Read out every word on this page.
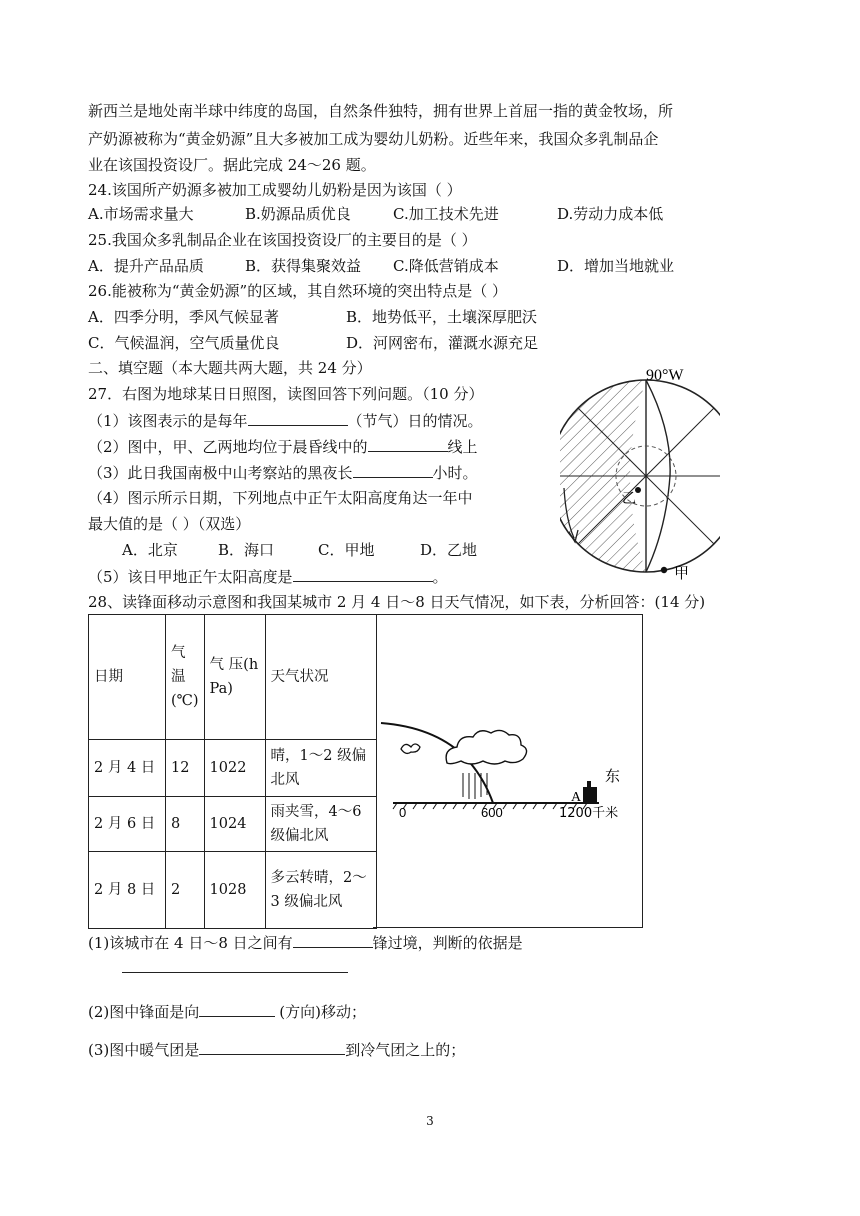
新西兰是地处南半球中纬度的岛国，自然条件独特，拥有世界上首屈一指的黄金牧场，所
产奶源被称为“黄金奶源”且大多被加工成为婴幼儿奶粉。近些年来，我国众多乳制品企
业在该国投资设厂。据此完成 24～26 题。
24.该国所产奶源多被加工成婴幼儿奶粉是因为该国（ ）
A.市场需求量大	B.奶源品质优良	C.加工技术先进	D.劳动力成本低
25.我国众多乳制品企业在该国投资设厂的主要目的是（ ）
A．提升产品品质	B．获得集聚效益 C.降低营销成本	D．增加当地就业
26.能被称为“黄金奶源”的区域，其自然环境的突出特点是（ ）
A．四季分明，季风气候显著	B．地势低平，土壤深厚肥沃
C．气候温润，空气质量优良	D．河网密布，灌溉水源充足
二、填空题（本大题共两大题，共 24 分）
27．右图为地球某日日照图，读图回答下列问题。（10 分）
（1）该图表示的是每年	（节气）日的情况。
（2）图中，甲、乙两地均位于晨昏线中的	线上
（3）此日我国南极中山考察站的黑夜长	小时。
（4）图示所示日期，下列地点中正午太阳高度角达一年中
最大值的是（ ）（双选）
A．北京	B．海口	C．甲地	D．乙地
（5）该日甲地正午太阳高度是	。
90°W
乙
甲
28、读锋面移动示意图和我国某城市 2 月 4 日～8 日天气情况，如下表，分析回答：(14 分)
日期	气温(℃)	气 压(hPa)	天气状况
2 月 4 日	12	1022	晴，1～2 级偏北风
2 月 6 日	8	1024	雨夹雪，4～6 级偏北风
2 月 8 日	2	1028	多云转晴，2～3 级偏北风
A
东
0	600	1200千米
(1)该城市在 4 日～8 日之间有	锋过境，判断的依据是
(2)图中锋面是向	(方向)移动；
(3)图中暖气团是	到冷气团之上的；
3
